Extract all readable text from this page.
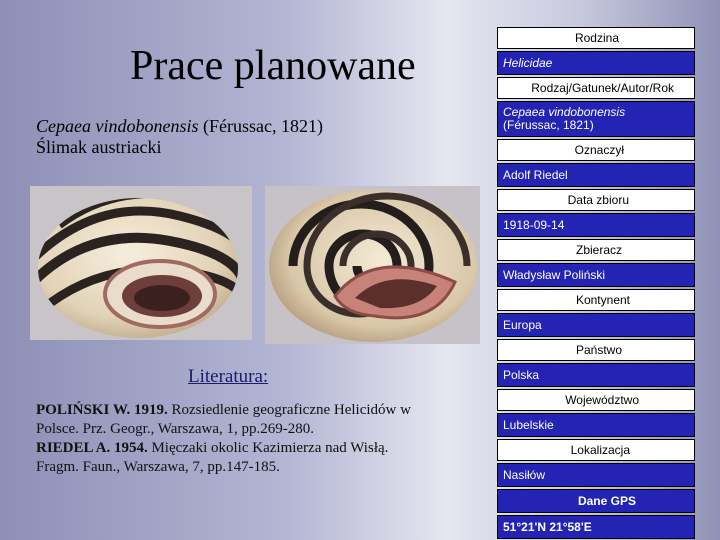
Prace planowane
Cepaea vindobonensis (Férussac, 1821)
Ślimak austriacki
Literatura:
POLIŃSKI W. 1919. Rozsiedlenie geograficzne Helicidów w
Polsce. Prz. Geogr., Warszawa, 1, pp.269-280.
RIEDEL A. 1954. Mięczaki okolic Kazimierza nad Wisłą.
Fragm. Faun., Warszawa, 7, pp.147-185.
Rodzina
Helicidae
Rodzaj/Gatunek/Autor/Rok
Cepaea vindobonensis
(Férussac, 1821)
Oznaczył
Adolf Riedel
Data zbioru
1918-09-14
Zbieracz
Władysław Poliński
Kontynent
Europa
Państwo
Polska
Województwo
Lubelskie
Lokalizacja
Nasiłów
Dane GPS
51°21'N 21°58'E
